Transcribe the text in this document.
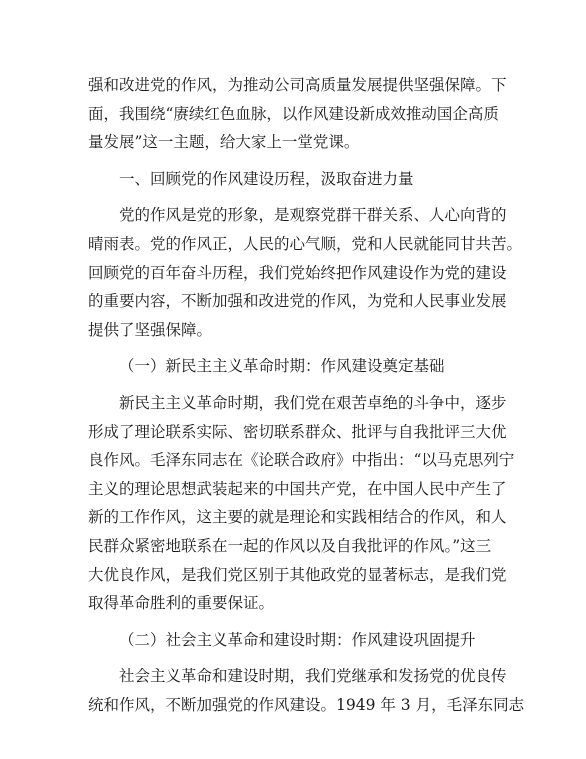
强和改进党的作风，为推动公司高质量发展提供坚强保障。下
面，我围绕“赓续红色血脉，以作风建设新成效推动国企高质
量发展”这一主题，给大家上一堂党课。
一、回顾党的作风建设历程，汲取奋进力量
党的作风是党的形象，是观察党群干群关系、人心向背的
晴雨表。党的作风正，人民的心气顺，党和人民就能同甘共苦。
回顾党的百年奋斗历程，我们党始终把作风建设作为党的建设
的重要内容，不断加强和改进党的作风，为党和人民事业发展
提供了坚强保障。
（一）新民主主义革命时期：作风建设奠定基础
新民主主义革命时期，我们党在艰苦卓绝的斗争中，逐步
形成了理论联系实际、密切联系群众、批评与自我批评三大优
良作风。毛泽东同志在《论联合政府》中指出：“以马克思列宁
主义的理论思想武装起来的中国共产党，在中国人民中产生了
新的工作作风，这主要的就是理论和实践相结合的作风，和人
民群众紧密地联系在一起的作风以及自我批评的作风。”这三
大优良作风，是我们党区别于其他政党的显著标志，是我们党
取得革命胜利的重要保证。
（二）社会主义革命和建设时期：作风建设巩固提升
社会主义革命和建设时期，我们党继承和发扬党的优良传
统和作风，不断加强党的作风建设。1949 年 3 月，毛泽东同志
